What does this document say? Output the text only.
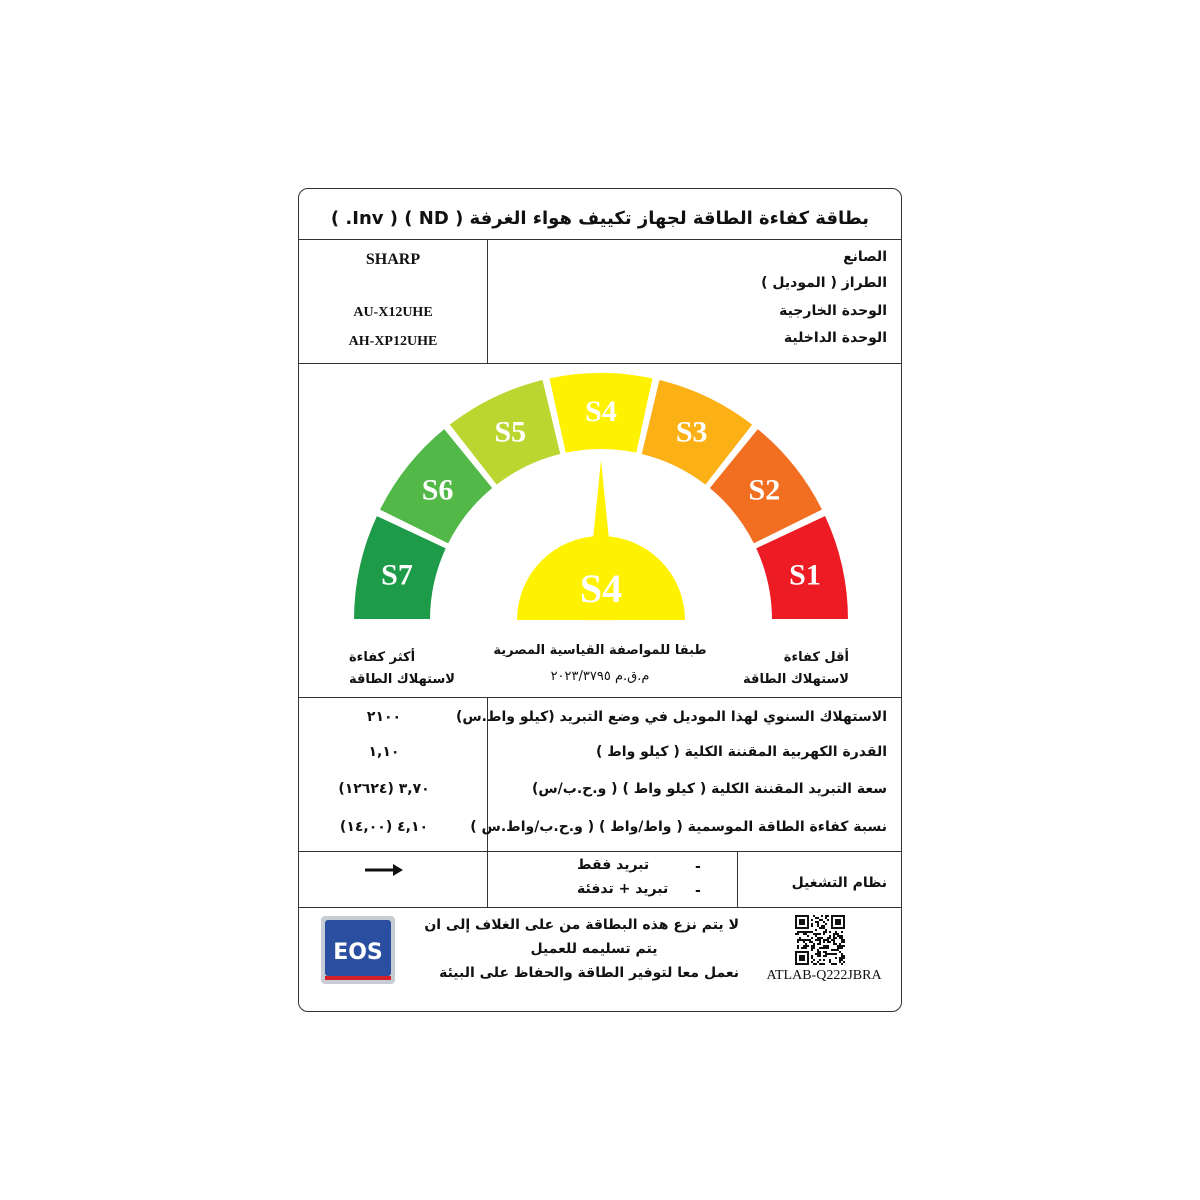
بطاقة كفاءة الطاقة لجهاز تكييف هواء الغرفة ( ND ) ( Inv. )
الصانع
الطراز ( الموديل )
الوحدة الخارجية
الوحدة الداخلية
SHARP
AU-X12UHE
AH-XP12UHE
S7
S6
S5
S4
S3
S2
S1
S4
أكثر كفاءة
لاستهلاك الطاقة
أقل كفاءة
لاستهلاك الطاقة
طبقا للمواصفة القياسية المصرية
م.ق.م ٢٠٢٣/٣٧٩٥
الاستهلاك السنوي لهذا الموديل في وضع التبريد (كيلو واط.س)
القدرة الكهربية المقننة الكلية ( كيلو واط )
سعة التبريد المقننة الكلية ( كيلو واط ) ( و.ح.ب/س)
نسبة كفاءة الطاقة الموسمية ( واط/واط ) ( و.ح.ب/واط.س )
٢١٠٠
١,١٠
٣,٧٠ (١٢٦٢٤)
٤,١٠ (١٤,٠٠)
تبريد فقط
تبريد + تدفئة
-
-	نظام التشغيل
EOS
لا يتم نزع هذه البطاقة من على الغلاف إلى ان
يتم تسليمه للعميل
نعمل معا لتوفير الطاقة والحفاظ على البيئة	ATLAB-Q222JBRA
